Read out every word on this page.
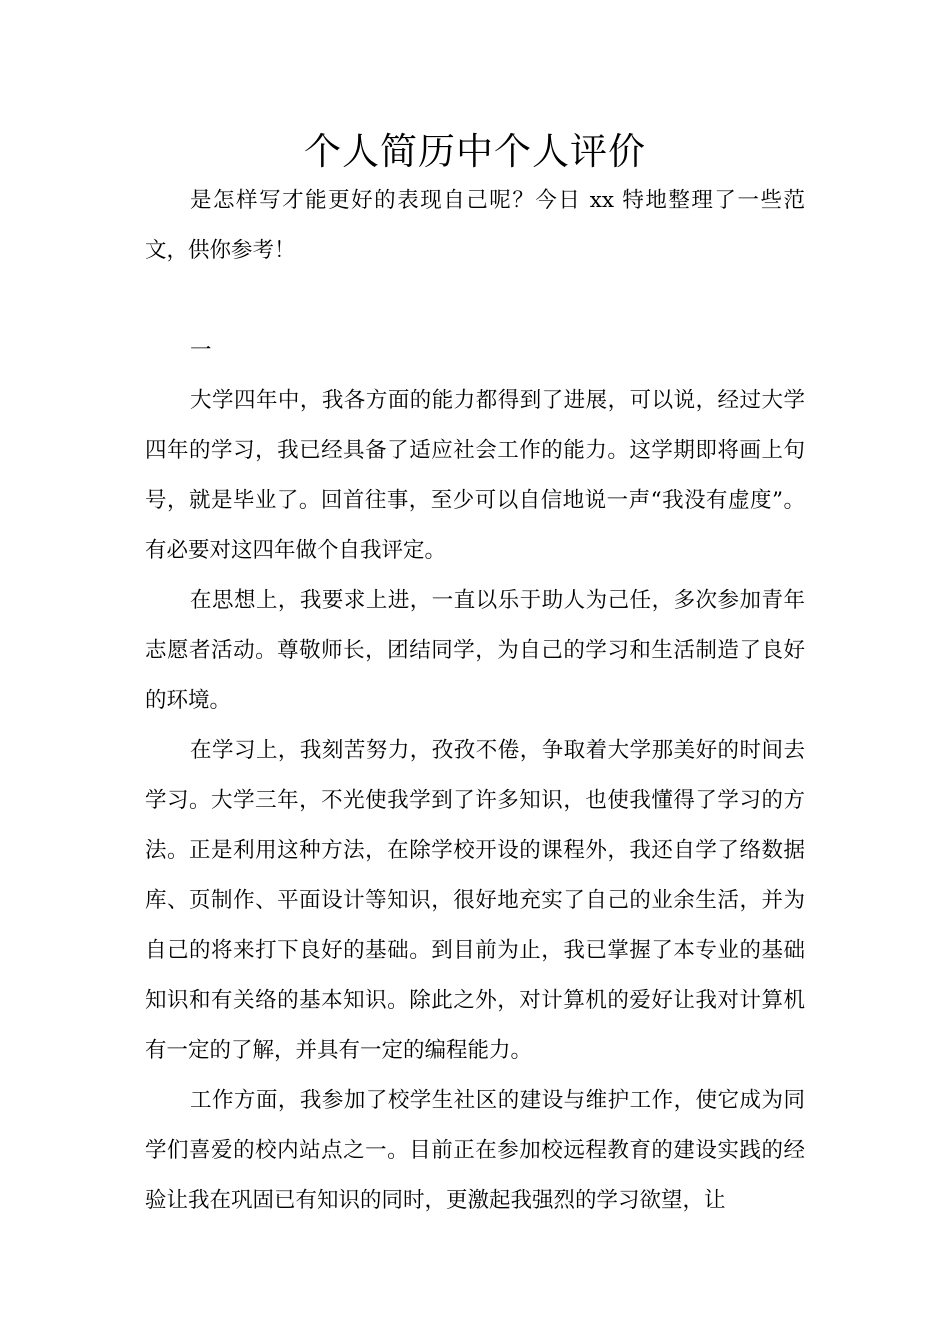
个人简历中个人评价

是怎样写才能更好的表现自己呢？今日 xx 特地整理了一些范文，供你参考！

一

大学四年中，我各方面的能力都得到了进展，可以说，经过大学四年的学习，我已经具备了适应社会工作的能力。这学期即将画上句号，就是毕业了。回首往事，至少可以自信地说一声“我没有虚度”。有必要对这四年做个自我评定。

在思想上，我要求上进，一直以乐于助人为己任，多次参加青年志愿者活动。尊敬师长，团结同学，为自己的学习和生活制造了良好的环境。

在学习上，我刻苦努力，孜孜不倦，争取着大学那美好的时间去学习。大学三年，不光使我学到了许多知识，也使我懂得了学习的方法。正是利用这种方法，在除学校开设的课程外，我还自学了络数据库、页制作、平面设计等知识，很好地充实了自己的业余生活，并为自己的将来打下良好的基础。到目前为止，我已掌握了本专业的基础知识和有关络的基本知识。除此之外，对计算机的爱好让我对计算机有一定的了解，并具有一定的编程能力。

工作方面，我参加了校学生社区的建设与维护工作，使它成为同学们喜爱的校内站点之一。目前正在参加校远程教育的建设实践的经验让我在巩固已有知识的同时，更激起我强烈的学习欲望，让
